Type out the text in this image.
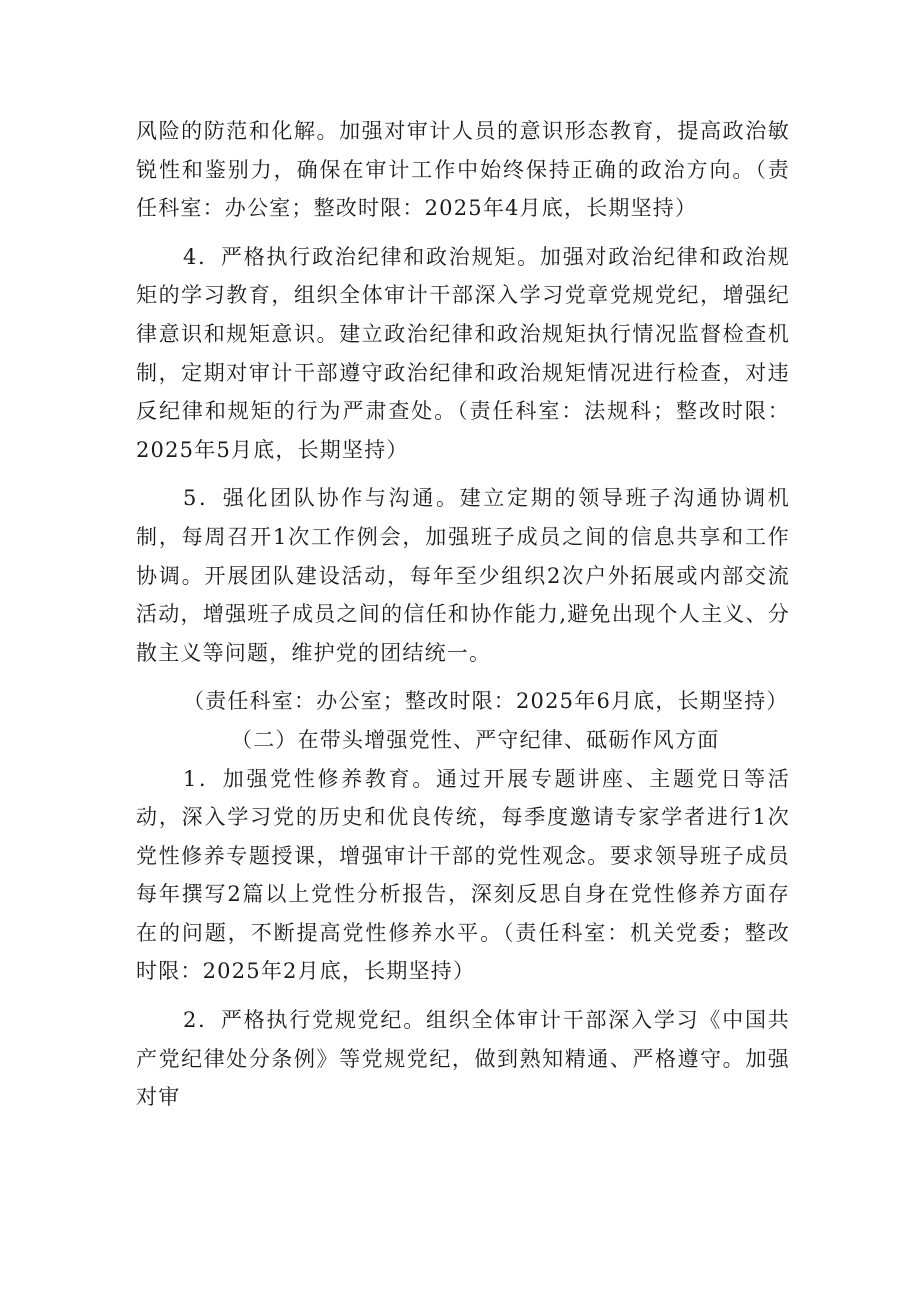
风险的防范和化解。加强对审计人员的意识形态教育，提高政治敏锐性和鉴别力，确保在审计工作中始终保持正确的政治方向。（责任科室：办公室；整改时限：2025年4月底，长期坚持）

4．严格执行政治纪律和政治规矩。加强对政治纪律和政治规矩的学习教育，组织全体审计干部深入学习党章党规党纪，增强纪律意识和规矩意识。建立政治纪律和政治规矩执行情况监督检查机制，定期对审计干部遵守政治纪律和政治规矩情况进行检查，对违反纪律和规矩的行为严肃查处。（责任科室：法规科；整改时限：2025年5月底，长期坚持）

5．强化团队协作与沟通。建立定期的领导班子沟通协调机制，每周召开1次工作例会，加强班子成员之间的信息共享和工作协调。开展团队建设活动，每年至少组织2次户外拓展或内部交流活动，增强班子成员之间的信任和协作能力,避免出现个人主义、分散主义等问题，维护党的团结统一。

（责任科室：办公室；整改时限：2025年6月底，长期坚持）

（二）在带头增强党性、严守纪律、砥砺作风方面

1．加强党性修养教育。通过开展专题讲座、主题党日等活动，深入学习党的历史和优良传统，每季度邀请专家学者进行1次党性修养专题授课，增强审计干部的党性观念。要求领导班子成员每年撰写2篇以上党性分析报告，深刻反思自身在党性修养方面存在的问题，不断提高党性修养水平。（责任科室：机关党委；整改时限：2025年2月底，长期坚持）

2．严格执行党规党纪。组织全体审计干部深入学习《中国共产党纪律处分条例》等党规党纪，做到熟知精通、严格遵守。加强对审
